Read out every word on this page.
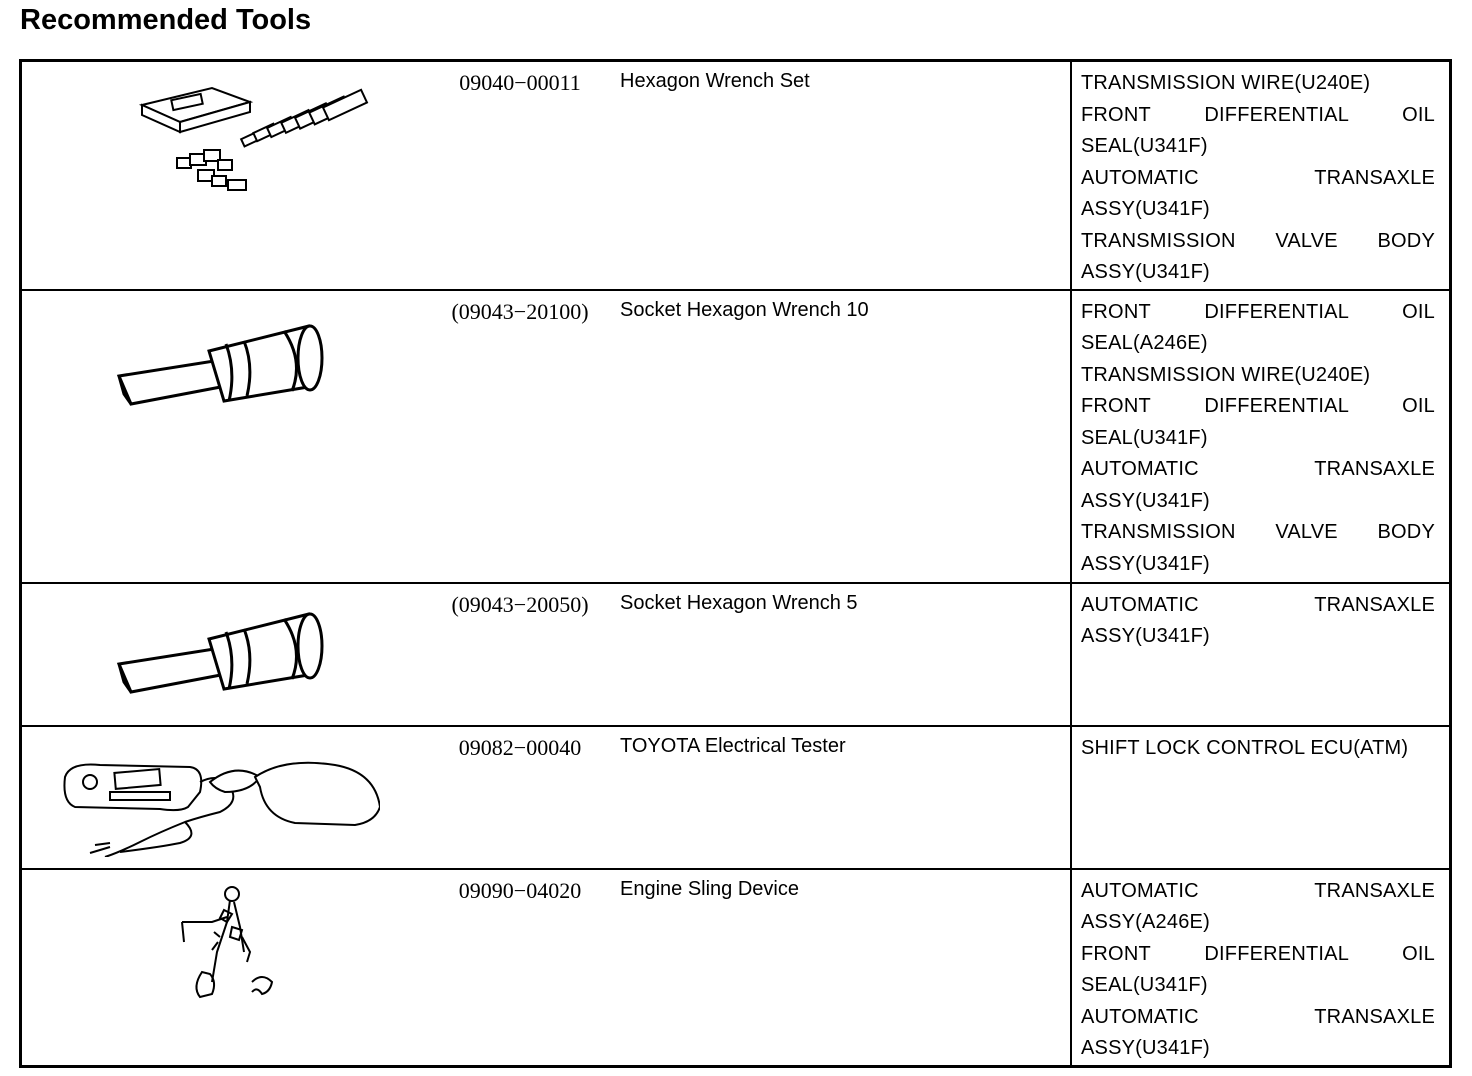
Recommended Tools
	09040−00011	Hexagon Wrench Set	TRANSMISSION WIRE(U240E)
FRONT DIFFERENTIAL OIL SEAL(U341F)
AUTOMATIC TRANSAXLE ASSY(U341F)
TRANSMISSION VALVE BODY ASSY(U341F)

	(09043−20100)	Socket Hexagon Wrench 10	FRONT DIFFERENTIAL OIL SEAL(A246E)
TRANSMISSION WIRE(U240E)
FRONT DIFFERENTIAL OIL SEAL(U341F)
AUTOMATIC TRANSAXLE ASSY(U341F)
TRANSMISSION VALVE BODY ASSY(U341F)

	(09043−20050)	Socket Hexagon Wrench 5	AUTOMATIC TRANSAXLE ASSY(U341F)

	09082−00040	TOYOTA Electrical Tester	SHIFT LOCK CONTROL ECU(ATM)

	09090−04020	Engine Sling Device	AUTOMATIC TRANSAXLE ASSY(A246E)
FRONT DIFFERENTIAL OIL SEAL(U341F)
AUTOMATIC TRANSAXLE ASSY(U341F)
